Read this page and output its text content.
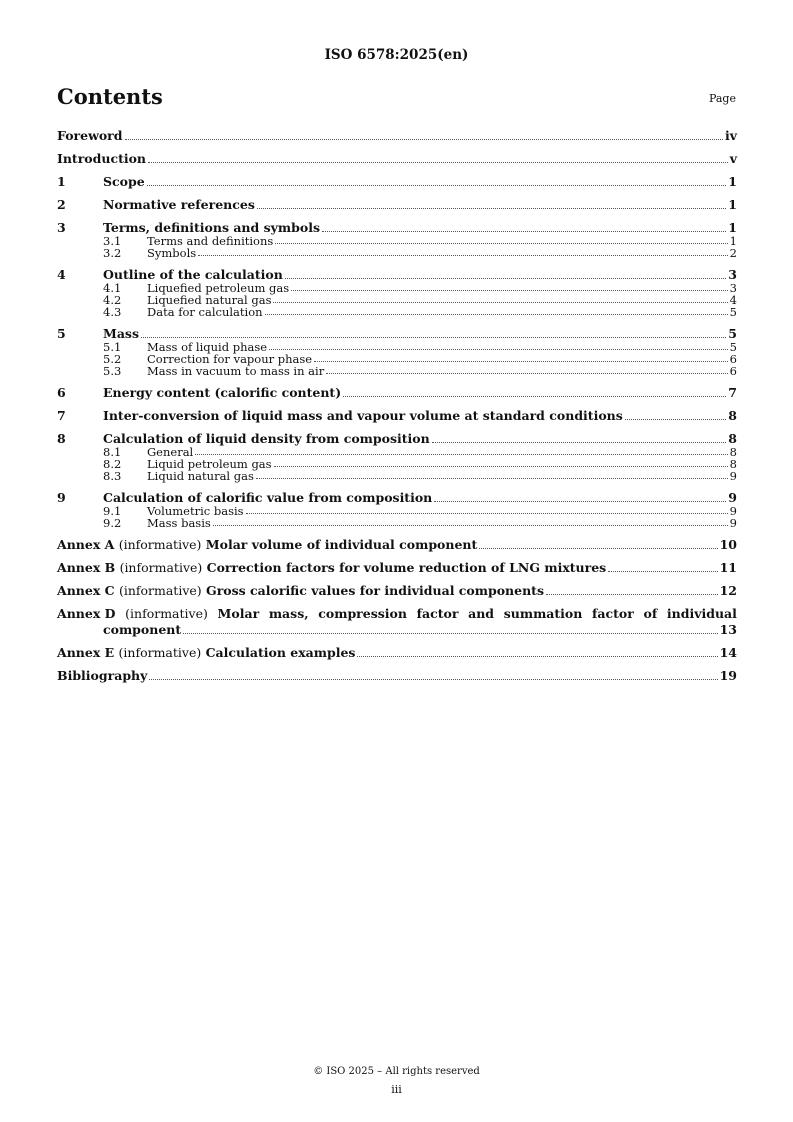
ISO 6578:2025(en)
Contents	Page
Foreword	iv
Introduction	v
1	Scope	1
2	Normative references	1
3	Terms, definitions and symbols	1
3.1	Terms and definitions	1
3.2	Symbols	2
4	Outline of the calculation	3
4.1	Liquefied petroleum gas	3
4.2	Liquefied natural gas	4
4.3	Data for calculation	5
5	Mass	5
5.1	Mass of liquid phase	5
5.2	Correction for vapour phase	6
5.3	Mass in vacuum to mass in air	6
6	Energy content (calorific content)	7
7	Inter-conversion of liquid mass and vapour volume at standard conditions	8
8	Calculation of liquid density from composition	8
8.1	General	8
8.2	Liquid petroleum gas	8
8.3	Liquid natural gas	9
9	Calculation of calorific value from composition	9
9.1	Volumetric basis	9
9.2	Mass basis	9
Annex A (informative) Molar volume of individual component	10
Annex B (informative) Correction factors for volume reduction of LNG mixtures	11
Annex C (informative) Gross calorific values for individual components	12
Annex D (informative) Molar mass, compression factor and summation factor of individual
component	13
Annex E (informative) Calculation examples	14
Bibliography	19
© ISO 2025 – All rights reserved
iii
